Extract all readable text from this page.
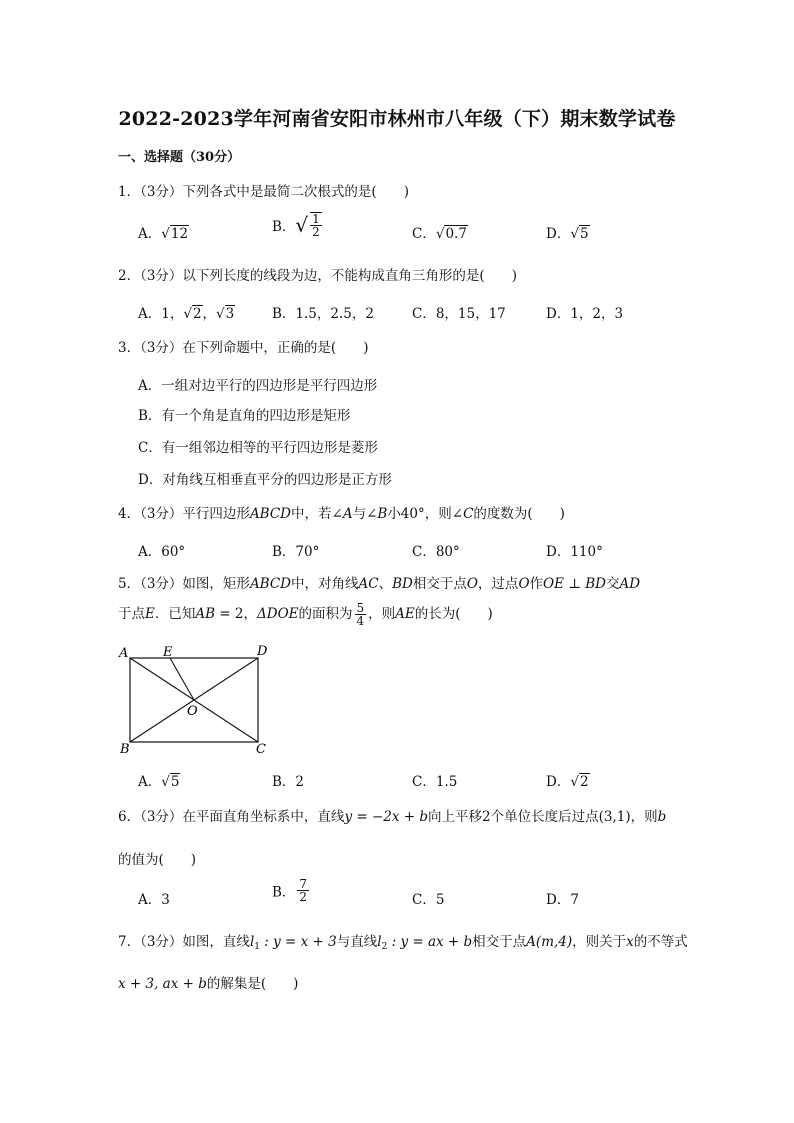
2022-2023学年河南省安阳市林州市八年级（下）期末数学试卷
一、选择题（30分）
1．（3分）下列各式中是最简二次根式的是(　　)
A．√12	B．√ $\frac{1}{2}$	C．√0.7	D．√5
2．（3分）以下列长度的线段为边，不能构成直角三角形的是(　　)
A．1，√2，√3	B．1.5，2.5，2	C．8，15，17	D．1，2，3
3．（3分）在下列命题中，正确的是(　　)
A．一组对边平行的四边形是平行四边形
B．有一个角是直角的四边形是矩形
C．有一组邻边相等的平行四边形是菱形
D．对角线互相垂直平分的四边形是正方形
4．（3分）平行四边形ABCD中，若∠A与∠B小40°，则∠C的度数为(　　)
A．60°	B．70°	C．80°	D．110°
5．（3分）如图，矩形ABCD中，对角线AC、BD相交于点O，过点O作OE ⊥ BD交AD
于点E．已知AB = 2，ΔDOE的面积为 $\frac{5}{4}$ ，则AE的长为(　　)
A	E	D
O
B	C
A．√5	B．2	C．1.5	D．√2
6．（3分）在平面直角坐标系中，直线y = −2x + b向上平移2个单位长度后过点(3,1)，则b
的值为(　　)
A．3	B． $\frac{7}{2}$	C．5	D．7
7．（3分）如图，直线$l_1$ : y = x + 3与直线$l_2$ : y = ax + b相交于点A(m,4)，则关于x的不等式
x + 3, ax + b的解集是(　　)
